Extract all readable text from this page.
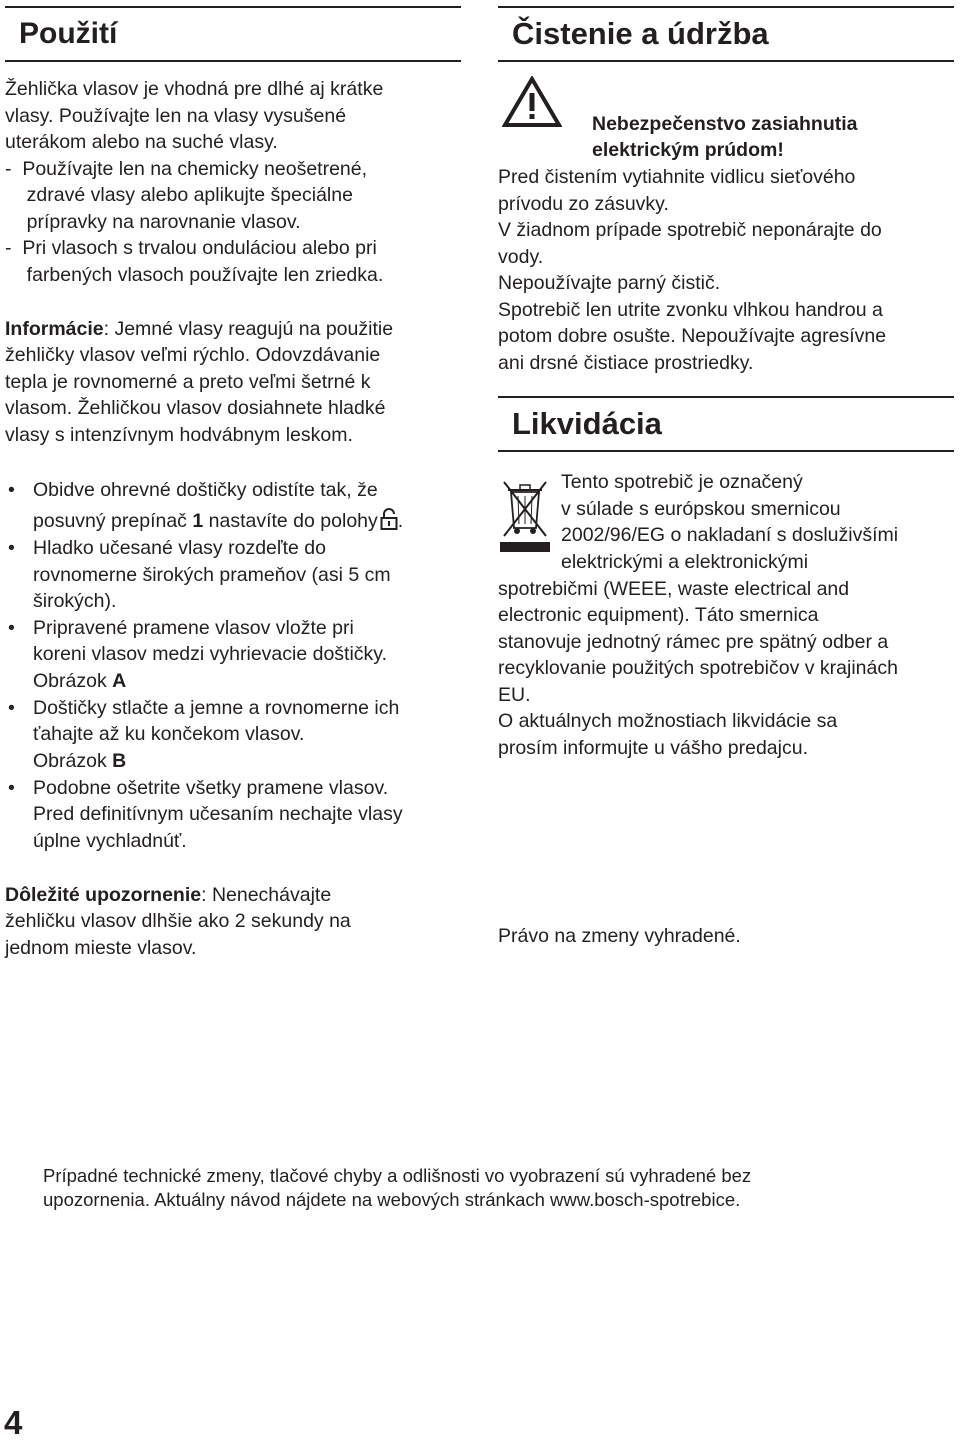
Použití

Žehlička vlasov je vhodná pre dlhé aj krátke

vlasy. Používajte len na vlasy vysušené

uterákom alebo na suché vlasy.

-  Používajte len na chemicky neošetrené,

zdravé vlasy alebo aplikujte špeciálne

prípravky na narovnanie vlasov.

-  Pri vlasoch s trvalou onduláciou alebo pri

farbených vlasoch používajte len zriedka.

Informácie: Jemné vlasy reagujú na použitie

žehličky vlasov veľmi rýchlo. Odovzdávanie

tepla je rovnomerné a preto veľmi šetrné k

vlasom. Žehličkou vlasov dosiahnete hladké

vlasy s intenzívnym hodvábnym leskom.

• Obidve ohrevné doštičky odistíte tak, že

posuvný prepínač 1 nastavíte do polohy .

• Hladko učesané vlasy rozdeľte do

rovnomerne širokých prameňov (asi 5 cm

širokých).

• Pripravené pramene vlasov vložte pri

koreni vlasov medzi vyhrievacie doštičky.

Obrázok A

• Doštičky stlačte a jemne a rovnomerne ich

ťahajte až ku končekom vlasov.

Obrázok B

• Podobne ošetrite všetky pramene vlasov.

Pred definitívnym učesaním nechajte vlasy

úplne vychladnúť.

Dôležité upozornenie: Nenechávajte

žehličku vlasov dlhšie ako 2 sekundy na

jednom mieste vlasov.

Čistenie a údržba

Nebezpečenstvo zasiahnutia

elektrickým prúdom!

Pred čistením vytiahnite vidlicu sieťového

prívodu zo zásuvky.

V žiadnom prípade spotrebič neponárajte do

vody.

Nepoužívajte parný čistič.

Spotrebič len utrite zvonku vlhkou handrou a

potom dobre osušte. Nepoužívajte agresívne

ani drsné čistiace prostriedky.

Likvidácia

Tento spotrebič je označený

v súlade s európskou smernicou

2002/96/EG o nakladaní s dosluživšími

elektrickými a elektronickými

spotrebičmi (WEEE, waste electrical and

electronic equipment). Táto smernica

stanovuje jednotný rámec pre spätný odber a

recyklovanie použitých spotrebičov v krajinách

EU.

O aktuálnych možnostiach likvidácie sa

prosím informujte u vášho predajcu.

Právo na zmeny vyhradené.

Prípadné technické zmeny, tlačové chyby a odlišnosti vo vyobrazení sú vyhradené bez
upozornenia. Aktuálny návod nájdete na webových stránkach www.bosch-spotrebice.
4
